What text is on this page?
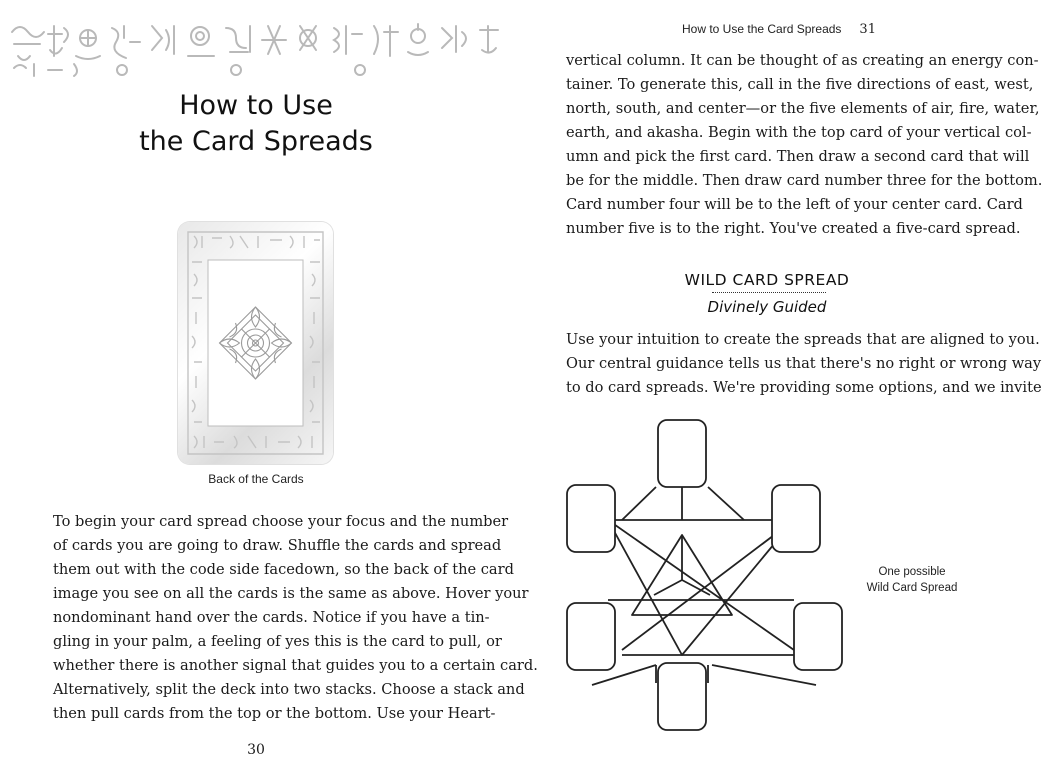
How to Use
the Card Spreads
Back of the Cards
To begin your card spread choose your focus and the number
of cards you are going to draw. Shuffle the cards and spread
them out with the code side facedown, so the back of the card
image you see on all the cards is the same as above. Hover your
nondominant hand over the cards. Notice if you have a tin-
gling in your palm, a feeling of yes this is the card to pull, or
whether there is another signal that guides you to a certain card.
Alternatively, split the deck into two stacks. Choose a stack and
then pull cards from the top or the bottom. Use your Heart-
30
How to Use the Card Spreads 31
vertical column. It can be thought of as creating an energy con-
tainer. To generate this, call in the five directions of east, west,
north, south, and center—or the five elements of air, fire, water,
earth, and akasha. Begin with the top card of your vertical col-
umn and pick the first card. Then draw a second card that will
be for the middle. Then draw card number three for the bottom.
Card number four will be to the left of your center card. Card
number five is to the right. You've created a five-card spread.
WILD CARD SPREAD
Divinely Guided
Use your intuition to create the spreads that are aligned to you.
Our central guidance tells us that there's no right or wrong way
to do card spreads. We're providing some options, and we invite
One possible
Wild Card Spread
